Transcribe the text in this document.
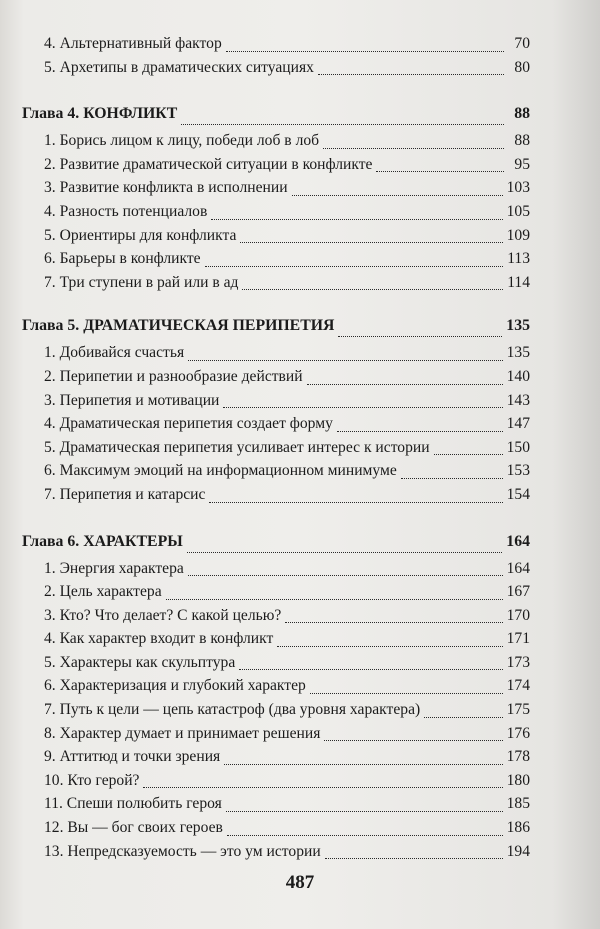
4. Альтернативный фактор	70
5. Архетипы в драматических ситуациях	80
Глава 4. КОНФЛИКТ	88
1. Борись лицом к лицу, победи лоб в лоб	88
2. Развитие драматической ситуации в конфликте	95
3. Развитие конфликта в исполнении	103
4. Разность потенциалов	105
5. Ориентиры для конфликта	109
6. Барьеры в конфликте	113
7. Три ступени в рай или в ад	114
Глава 5. ДРАМАТИЧЕСКАЯ ПЕРИПЕТИЯ	135
1. Добивайся счастья	135
2. Перипетии и разнообразие действий	140
3. Перипетия и мотивации	143
4. Драматическая перипетия создает форму	147
5. Драматическая перипетия усиливает интерес к истории	150
6. Максимум эмоций на информационном минимуме	153
7. Перипетия и катарсис	154
Глава 6. ХАРАКТЕРЫ	164
1. Энергия характера	164
2. Цель характера	167
3. Кто? Что делает? С какой целью?	170
4. Как характер входит в конфликт	171
5. Характеры как скульптура	173
6. Характеризация и глубокий характер	174
7. Путь к цели — цепь катастроф (два уровня характера)	175
8. Характер думает и принимает решения	176
9. Аттитюд и точки зрения	178
10. Кто герой?	180
11. Спеши полюбить героя	185
12. Вы — бог своих героев	186
13. Непредсказуемость — это ум истории	194
487
